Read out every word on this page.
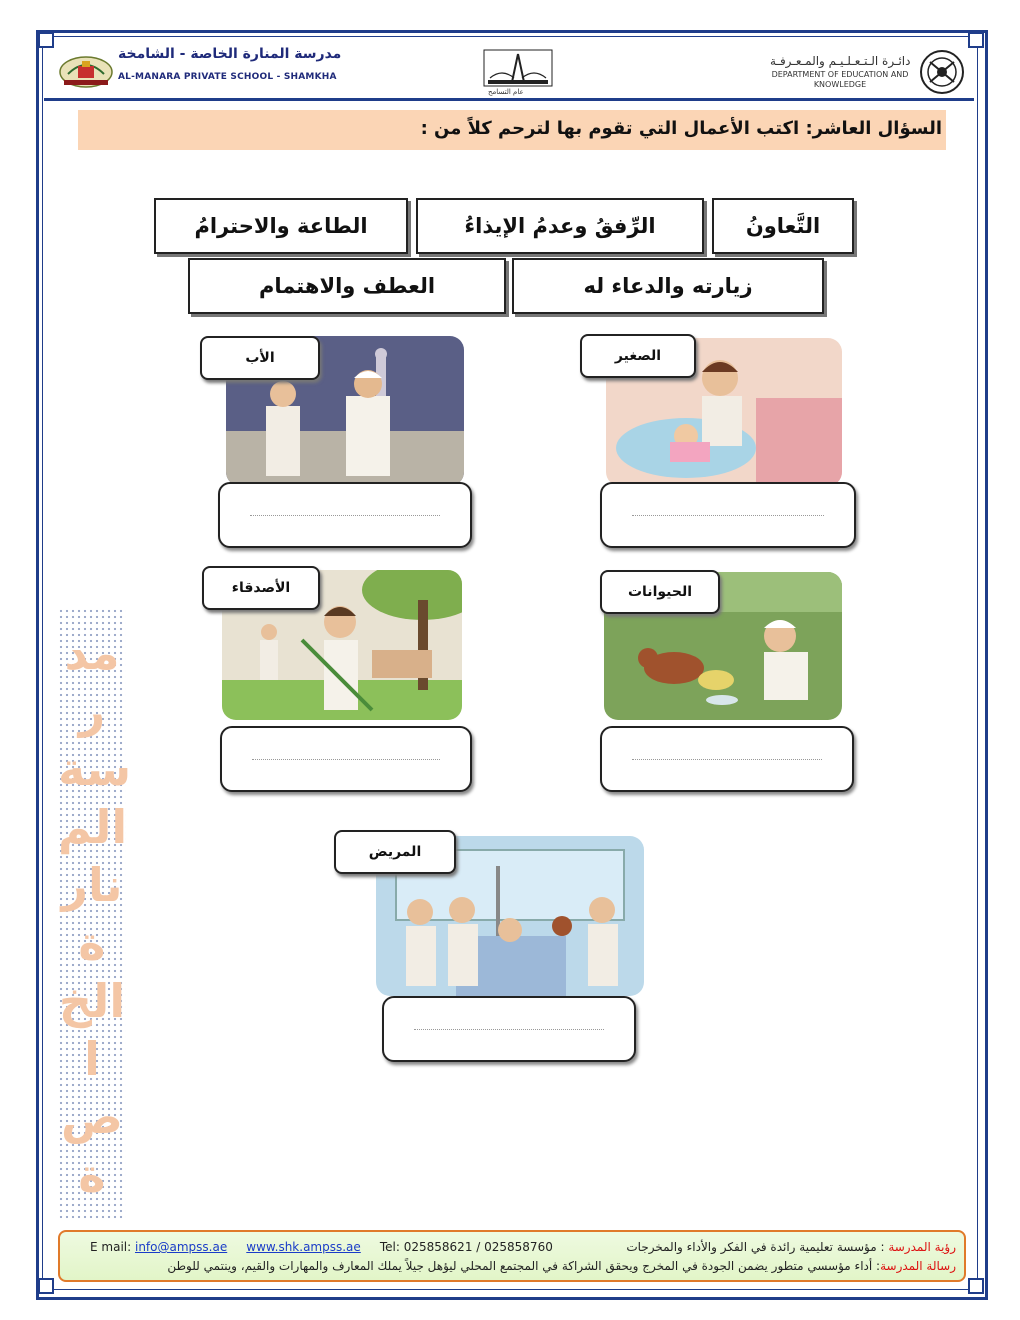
مدرسة المنارة الخاصة - الشامخة
AL-MANARA PRIVATE SCHOOL - SHAMKHA
عام التسامح
دائـرة الـتـعـلـيـم والمـعـرفـة
DEPARTMENT OF EDUCATION AND KNOWLEDGE
السؤال العاشر: اكتب الأعمال التي تقوم بها لترحم كلاً من :
التَّعاونُ
الرِّفقُ وعدمُ الإيذاءُ
الطاعة والاحترامُ
زيارته والدعاء له
العطف والاهتمام
الأب	الصغير
الأصدقاء	الحيوانات
المريض
مد
ر
سة
الم
نار
ة
الخ
ا
ص
ة
رؤية المدرسة : مؤسسة تعليمية رائدة في الفكر والأداء والمخرجات
E mail: info@ampss.ae www.shk.ampss.ae Tel: 025858621 / 025858760
رسالة المدرسة: أداء مؤسسي متطور يضمن الجودة في المخرج ويحقق الشراكة في المجتمع المحلي ليؤهل جيلاً يملك المعارف والمهارات والقيم، وينتمي للوطن
